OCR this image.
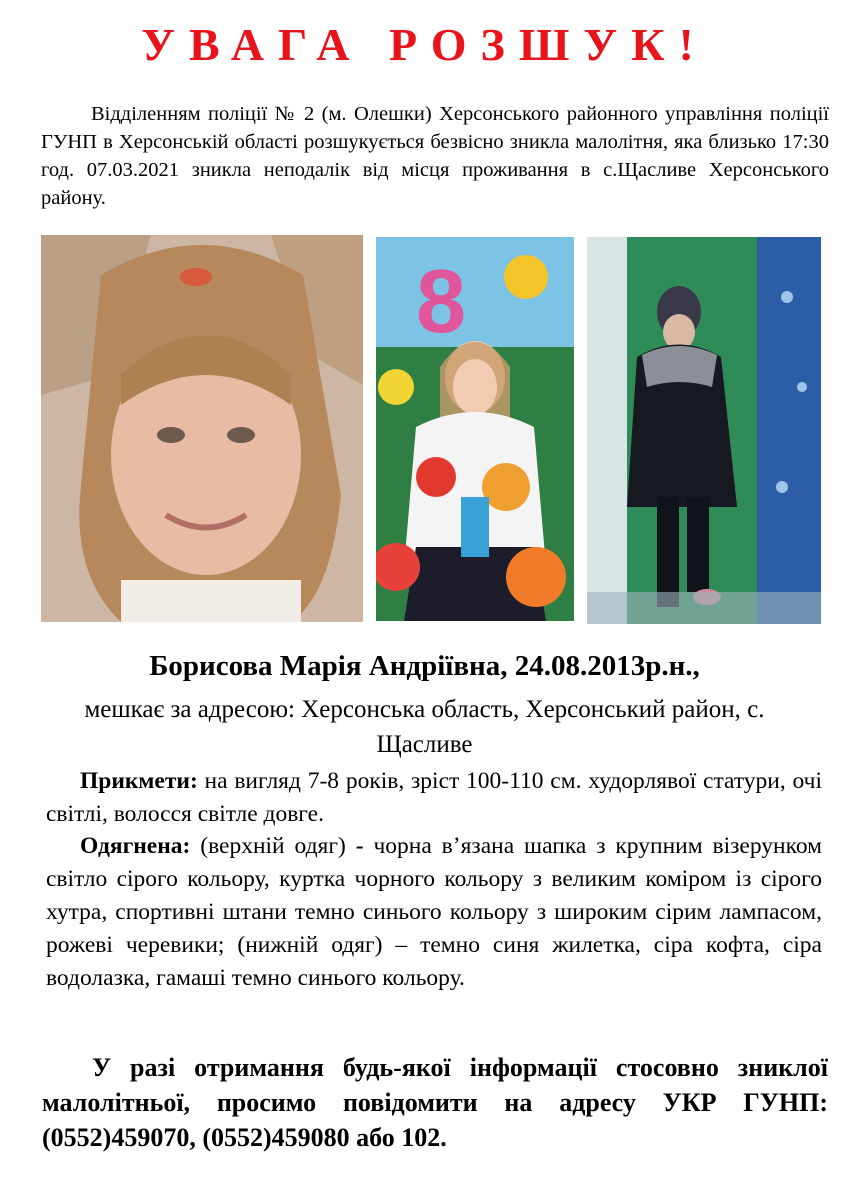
УВАГА РОЗШУК!
Відділенням поліції № 2 (м. Олешки) Херсонського районного управління поліції ГУНП в Херсонській області розшукується безвісно зникла малолітня, яка близько 17:30 год. 07.03.2021 зникла неподалік від місця проживання в с.Щасливе Херсонського району.
8
Борисова Марія Андріївна, 24.08.2013р.н.,
мешкає за адресою: Херсонська область, Херсонський район, с. Щасливе
Прикмети: на вигляд 7-8 років, зріст 100-110 см. худорлявої статури, очі світлі, волосся світле довге.
Одягнена: (верхній одяг) - чорна в’язана шапка з крупним візерунком світло сірого кольору, куртка чорного кольору з великим коміром із сірого хутра, спортивні штани темно синього кольору з широким сірим лампасом, рожеві черевики; (нижній одяг) – темно синя жилетка, сіра кофта, сіра водолазка, гамаші темно синього кольору.
У разі отримання будь-якої інформації стосовно зниклої малолітньої, просимо повідомити на адресу УКР ГУНП: (0552)459070, (0552)459080 або 102.
